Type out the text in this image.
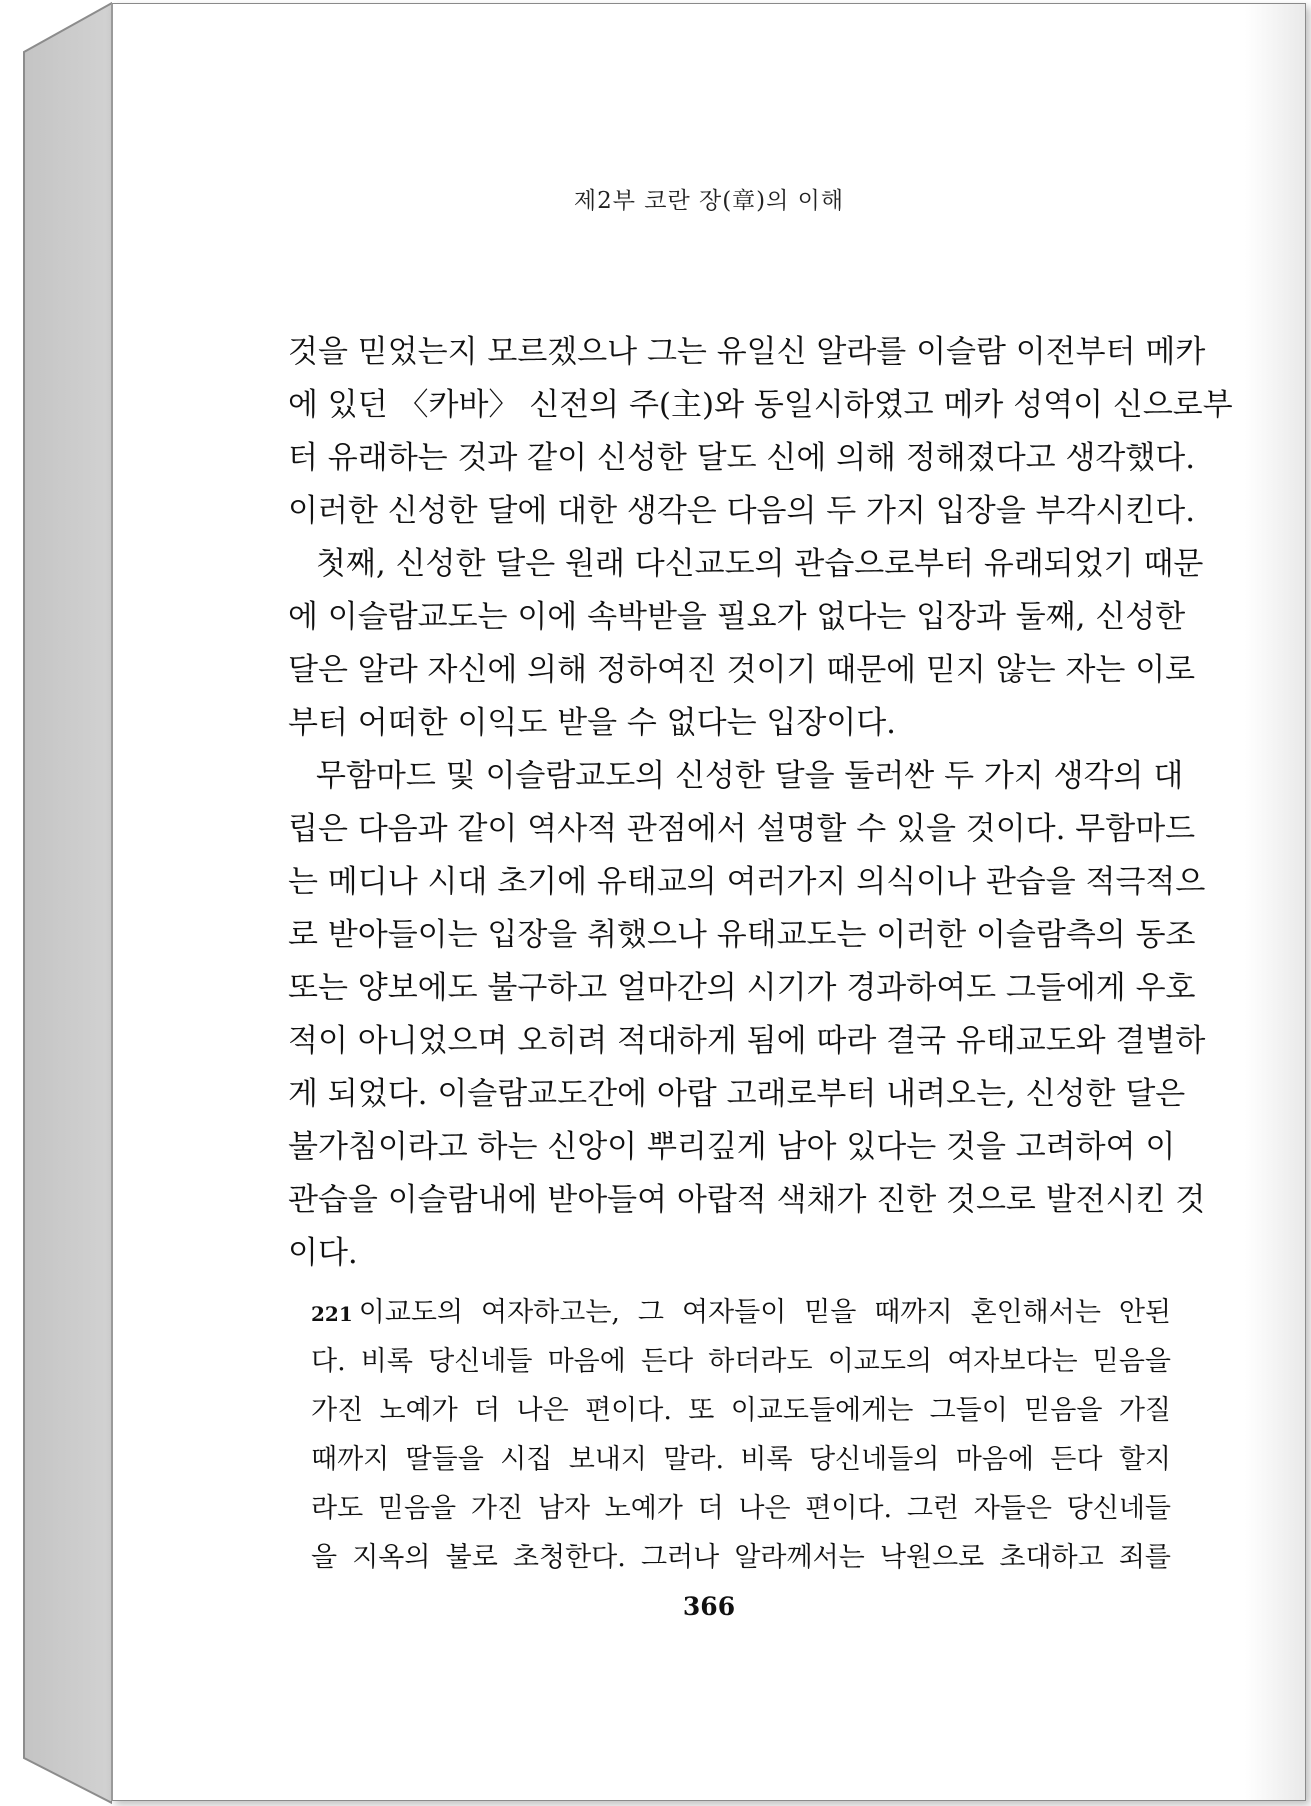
제2부 코란 장(章)의 이해
것을 믿었는지 모르겠으나 그는 유일신 알라를 이슬람 이전부터 메카
에 있던 〈카바〉 신전의 주(主)와 동일시하였고 메카 성역이 신으로부
터 유래하는 것과 같이 신성한 달도 신에 의해 정해졌다고 생각했다.
이러한 신성한 달에 대한 생각은 다음의 두 가지 입장을 부각시킨다.
첫째, 신성한 달은 원래 다신교도의 관습으로부터 유래되었기 때문
에 이슬람교도는 이에 속박받을 필요가 없다는 입장과 둘째, 신성한
달은 알라 자신에 의해 정하여진 것이기 때문에 믿지 않는 자는 이로
부터 어떠한 이익도 받을 수 없다는 입장이다.
무함마드 및 이슬람교도의 신성한 달을 둘러싼 두 가지 생각의 대
립은 다음과 같이 역사적 관점에서 설명할 수 있을 것이다. 무함마드
는 메디나 시대 초기에 유태교의 여러가지 의식이나 관습을 적극적으
로 받아들이는 입장을 취했으나 유태교도는 이러한 이슬람측의 동조
또는 양보에도 불구하고 얼마간의 시기가 경과하여도 그들에게 우호
적이 아니었으며 오히려 적대하게 됨에 따라 결국 유태교도와 결별하
게 되었다. 이슬람교도간에 아랍 고래로부터 내려오는, 신성한 달은
불가침이라고 하는 신앙이 뿌리깊게 남아 있다는 것을 고려하여 이
관습을 이슬람내에 받아들여 아랍적 색채가 진한 것으로 발전시킨 것
이다.
221 이교도의 여자하고는, 그 여자들이 믿을 때까지 혼인해서는 안된
다. 비록 당신네들 마음에 든다 하더라도 이교도의 여자보다는 믿음을
가진 노예가 더 나은 편이다. 또 이교도들에게는 그들이 믿음을 가질
때까지 딸들을 시집 보내지 말라. 비록 당신네들의 마음에 든다 할지
라도 믿음을 가진 남자 노예가 더 나은 편이다. 그런 자들은 당신네들
을 지옥의 불로 초청한다. 그러나 알라께서는 낙원으로 초대하고 죄를
366
